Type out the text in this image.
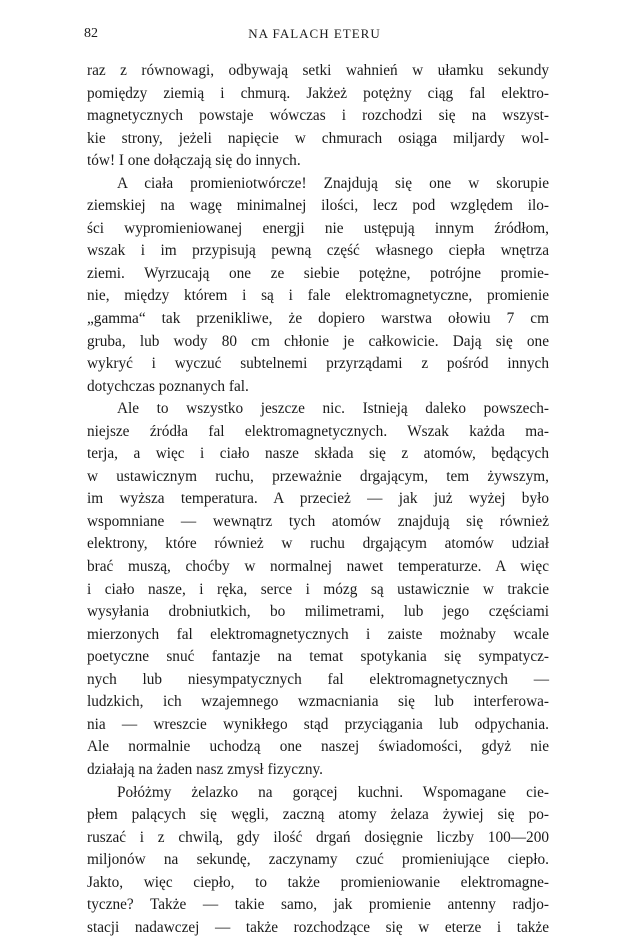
82	NA FALACH ETERU
raz z równowagi, odbywają setki wahnień w ułamku sekundy
pomiędzy ziemią i chmurą. Jakżeż potężny ciąg fal elektro-
magnetycznych powstaje wówczas i rozchodzi się na wszyst-
kie strony, jeżeli napięcie w chmurach osiąga miljardy wol-
tów! I one dołączają się do innych.
A ciała promieniotwórcze! Znajdują się one w skorupie
ziemskiej na wagę minimalnej ilości, lecz pod względem ilo-
ści wypromieniowanej energji nie ustępują innym źródłom,
wszak i im przypisują pewną część własnego ciepła wnętrza
ziemi. Wyrzucają one ze siebie potężne, potrójne promie-
nie, między którem i są i fale elektromagnetyczne, promienie
„gamma“ tak przenikliwe, że dopiero warstwa ołowiu 7 cm
gruba, lub wody 80 cm chłonie je całkowicie. Dają się one
wykryć i wyczuć subtelnemi przyrządami z pośród innych
dotychczas poznanych fal.
Ale to wszystko jeszcze nic. Istnieją daleko powszech-
niejsze źródła fal elektromagnetycznych. Wszak każda ma-
terja, a więc i ciało nasze składa się z atomów, będących
w ustawicznym ruchu, przeważnie drgającym, tem żywszym,
im wyższa temperatura. A przecież — jak już wyżej było
wspomniane — wewnątrz tych atomów znajdują się również
elektrony, które również w ruchu drgającym atomów udział
brać muszą, choćby w normalnej nawet temperaturze. A więc
i ciało nasze, i ręka, serce i mózg są ustawicznie w trakcie
wysyłania drobniutkich, bo milimetrami, lub jego częściami
mierzonych fal elektromagnetycznych i zaiste możnaby wcale
poetyczne snuć fantazje na temat spotykania się sympatycz-
nych lub niesympatycznych fal elektromagnetycznych —
ludzkich, ich wzajemnego wzmacniania się lub interferowa-
nia — wreszcie wynikłego stąd przyciągania lub odpychania.
Ale normalnie uchodzą one naszej świadomości, gdyż nie
działają na żaden nasz zmysł fizyczny.
Połóżmy żelazko na gorącej kuchni. Wspomagane cie-
płem palących się węgli, zaczną atomy żelaza żywiej się po-
ruszać i z chwilą, gdy ilość drgań dosięgnie liczby 100—200
miljonów na sekundę, zaczynamy czuć promieniujące ciepło.
Jakto, więc ciepło, to także promieniowanie elektromagne-
tyczne? Także — takie samo, jak promienie antenny radjo-
stacji nadawczej — także rozchodzące się w eterze i także
